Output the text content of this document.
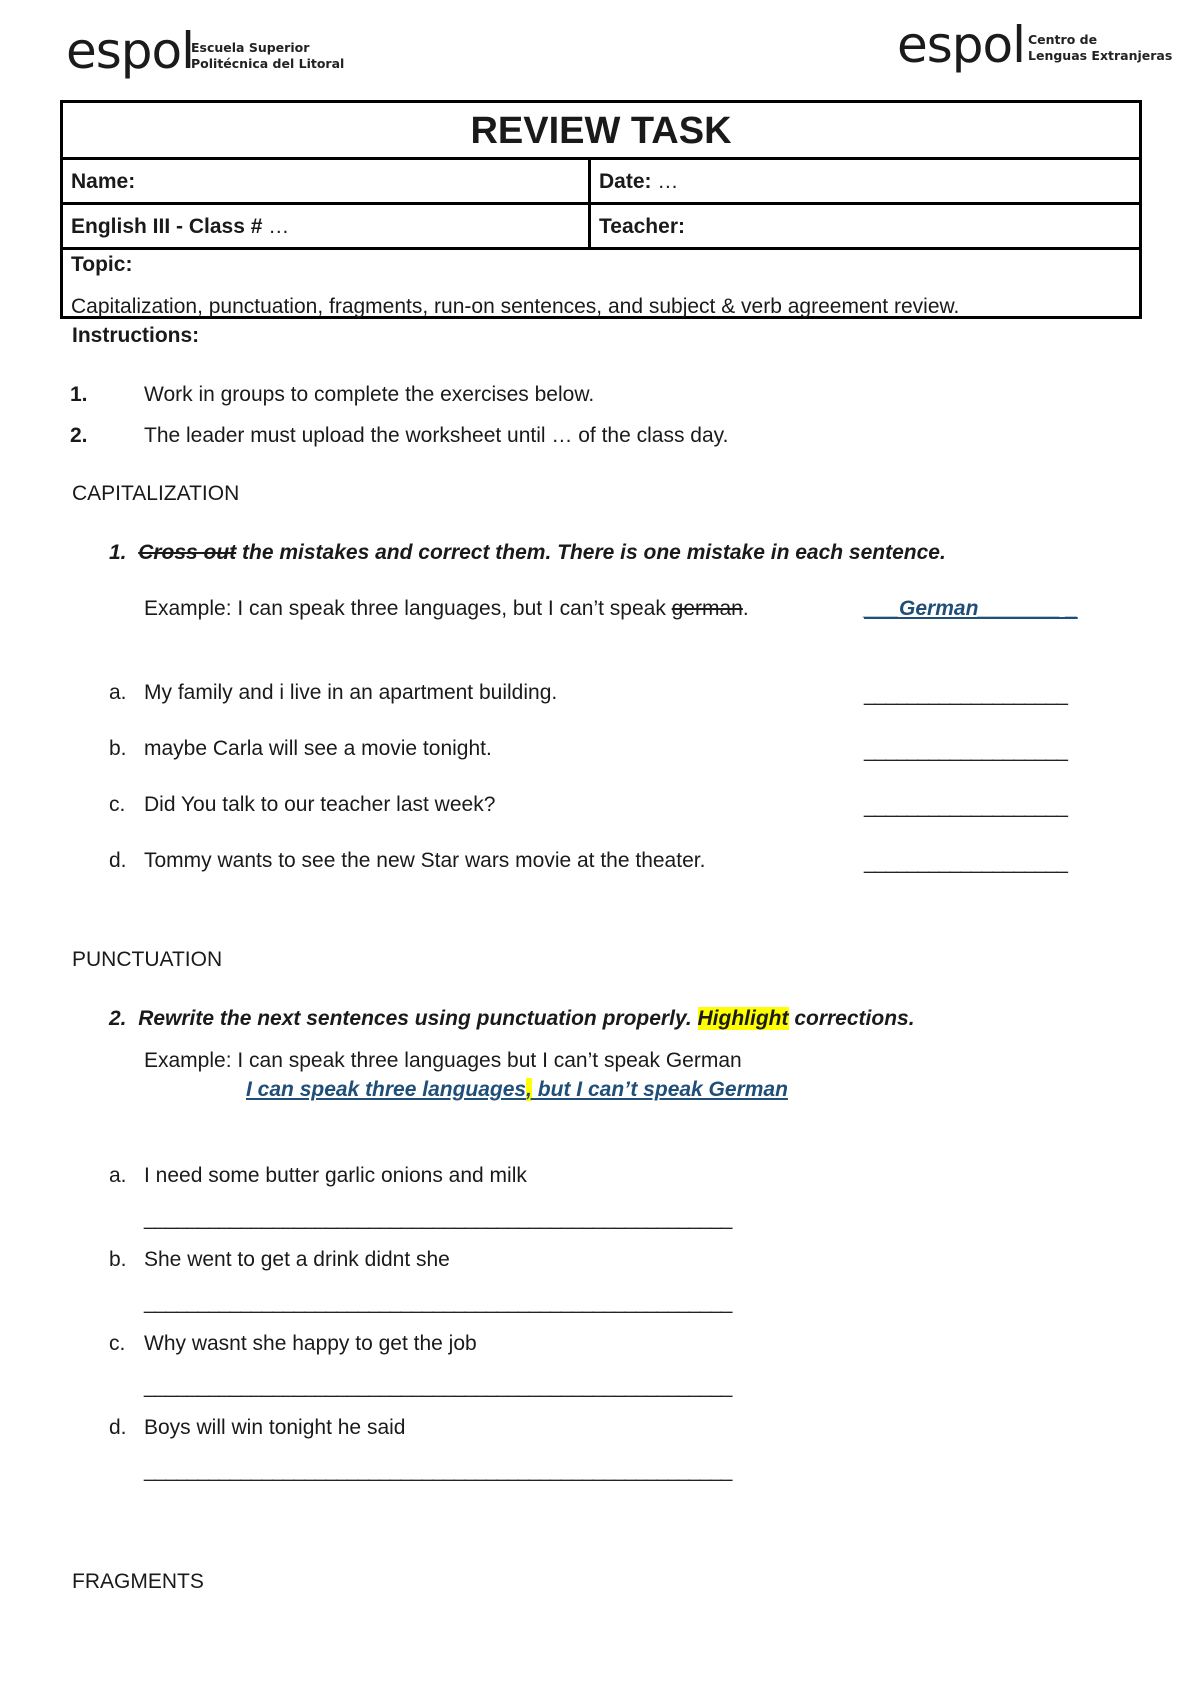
espol
Escuela Superior
Politécnica del Litoral	espol Centro de
Lenguas Extranjeras
REVIEW TASK
Name:	Date: …
English III - Class # …	Teacher:
Topic:
Capitalization, punctuation, fragments, run-on sentences, and subject & verb agreement review.
Instructions:
1.	Work in groups to complete the exercises below.
2.	The leader must upload the worksheet until … of the class day.
CAPITALIZATION
1. Cross out the mistakes and correct them. There is one mistake in each sentence.
Example: I can speak three languages, but I can’t speak german.	___German_______ _
a. My family and i live in an apartment building.	___________________
b. maybe Carla will see a movie tonight.	___________________
c. Did You talk to our teacher last week?	___________________
d. Tommy wants to see the new Star wars movie at the theater.	___________________
PUNCTUATION
2. Rewrite the next sentences using punctuation properly. Highlight corrections.
Example: I can speak three languages but I can’t speak German
I can speak three languages, but I can’t speak German
a. I need some butter garlic onions and milk
_______________________________________________________
b. She went to get a drink didnt she
_______________________________________________________
c. Why wasnt she happy to get the job
_______________________________________________________
d. Boys will win tonight he said
_______________________________________________________
FRAGMENTS
